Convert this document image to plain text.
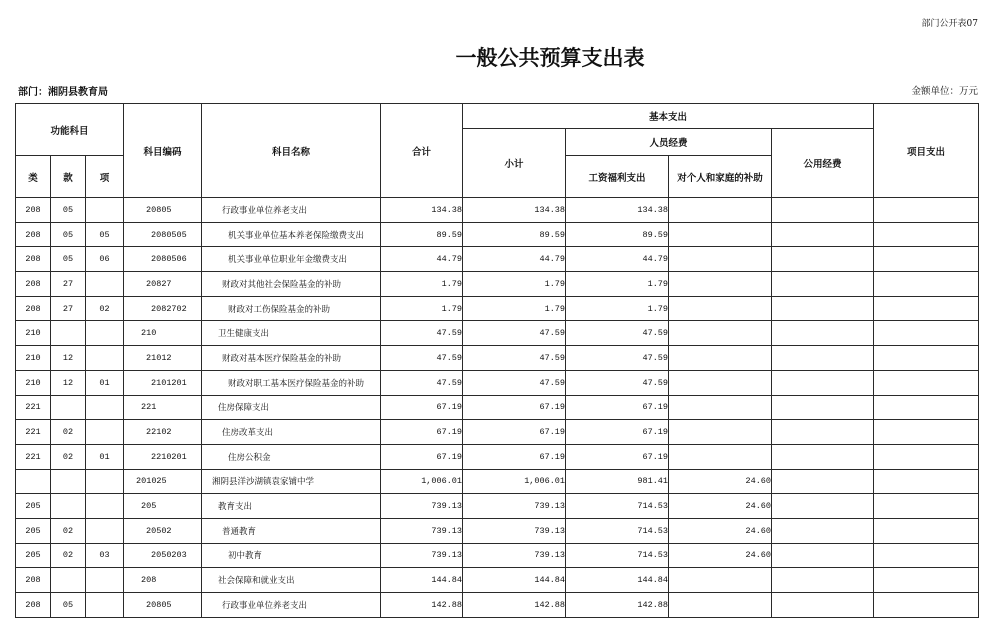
部门公开表07
一般公共预算支出表
部门：湘阴县教育局	金额单位：万元
功能科目			科目编码	科目名称	合计	基本支出				项目支出
						小计	人员经费		公用经费	
类	款	项					工资福利支出	对个人和家庭的补助		
208	05		20805	行政事业单位养老支出	134.38	134.38	134.38			
208	05	05	2080505	机关事业单位基本养老保险缴费支出	89.59	89.59	89.59			
208	05	06	2080506	机关事业单位职业年金缴费支出	44.79	44.79	44.79			
208	27		20827	财政对其他社会保险基金的补助	1.79	1.79	1.79			
208	27	02	2082702	财政对工伤保险基金的补助	1.79	1.79	1.79			
210			210	卫生健康支出	47.59	47.59	47.59			
210	12		21012	财政对基本医疗保险基金的补助	47.59	47.59	47.59			
210	12	01	2101201	财政对职工基本医疗保险基金的补助	47.59	47.59	47.59			
221			221	住房保障支出	67.19	67.19	67.19			
221	02		22102	住房改革支出	67.19	67.19	67.19			
221	02	01	2210201	住房公积金	67.19	67.19	67.19			
			201025	湘阴县洋沙湖镇袁家铺中学	1,006.01	1,006.01	981.41	24.60		
205			205	教育支出	739.13	739.13	714.53	24.60		
205	02		20502	普通教育	739.13	739.13	714.53	24.60		
205	02	03	2050203	初中教育	739.13	739.13	714.53	24.60		
208			208	社会保障和就业支出	144.84	144.84	144.84			
208	05		20805	行政事业单位养老支出	142.88	142.88	142.88			
